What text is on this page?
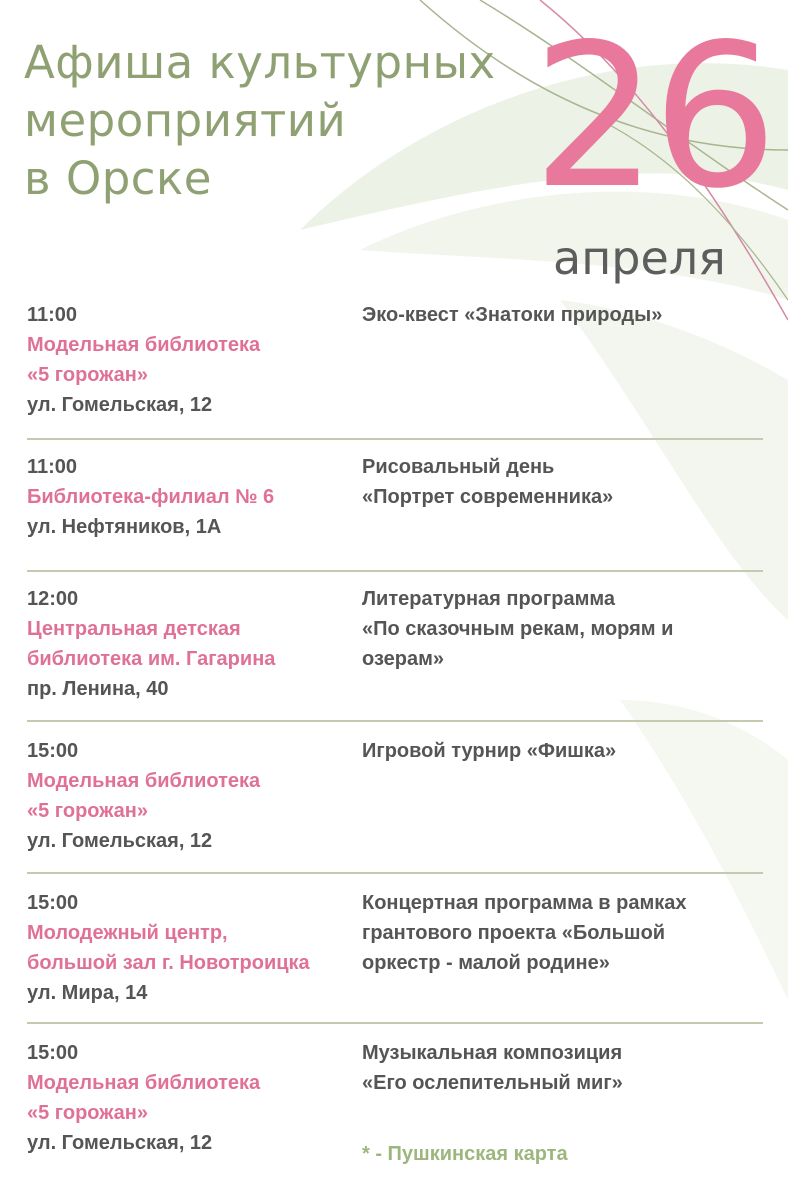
Афиша культурных
мероприятий
в Орске	26
апреля
11:00
Модельная библиотека
«5 горожан»
ул. Гомельская, 12
Эко-квест «Знатоки природы»
11:00
Библиотека-филиал № 6
ул. Нефтяников, 1А
Рисовальный день
«Портрет современника»
12:00
Центральная детская
библиотека им. Гагарина
пр. Ленина, 40
Литературная программа
«По сказочным рекам, морям и
озерам»
15:00
Модельная библиотека
«5 горожан»
ул. Гомельская, 12
Игровой турнир «Фишка»
15:00
Молодежный центр,
большой зал г. Новотроицка
ул. Мира, 14
Концертная программа в рамках
грантового проекта «Большой
оркестр - малой родине»
15:00
Модельная библиотека
«5 горожан»
ул. Гомельская, 12
Музыкальная композиция
«Его ослепительный миг»
* - Пушкинская карта
